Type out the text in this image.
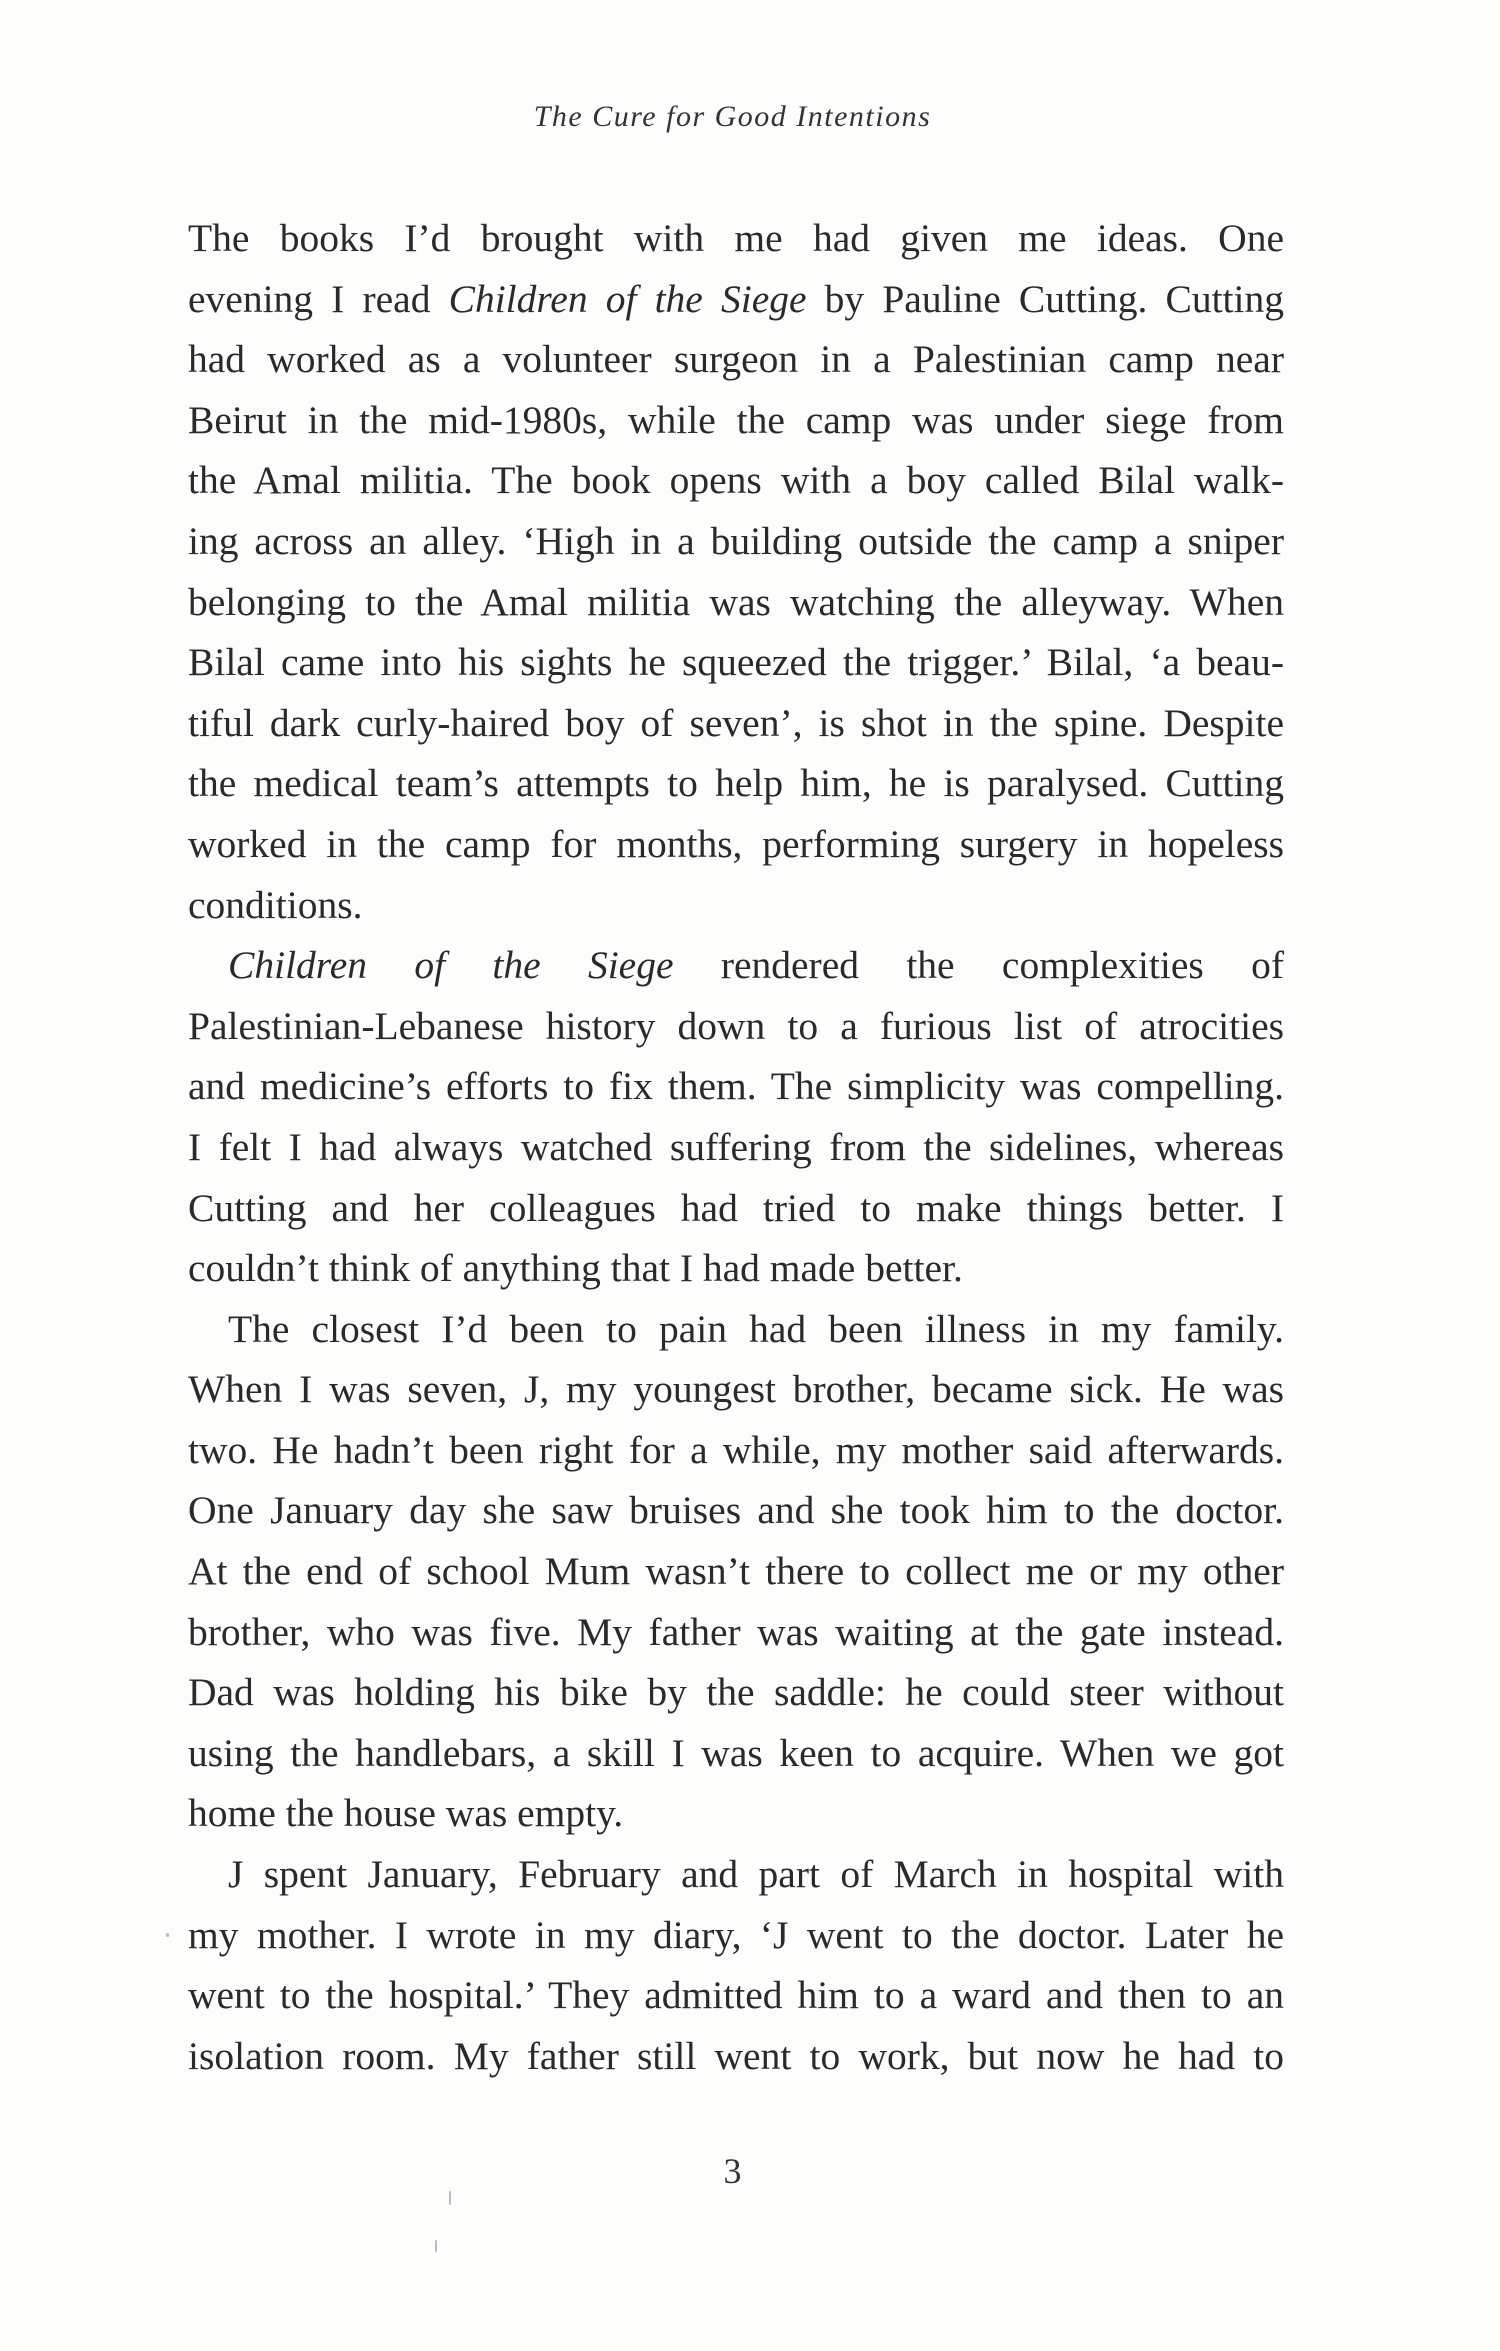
The Cure for Good Intentions
The books I’d brought with me had given me ideas. One
evening I read Children of the Siege by Pauline Cutting. Cutting
had worked as a volunteer surgeon in a Palestinian camp near
Beirut in the mid-1980s, while the camp was under siege from
the Amal militia. The book opens with a boy called Bilal walk-
ing across an alley. ‘High in a building outside the camp a sniper
belonging to the Amal militia was watching the alleyway. When
Bilal came into his sights he squeezed the trigger.’ Bilal, ‘a beau-
tiful dark curly-haired boy of seven’, is shot in the spine. Despite
the medical team’s attempts to help him, he is paralysed. Cutting
worked in the camp for months, performing surgery in hopeless
conditions.
Children of the Siege rendered the complexities of
Palestinian-Lebanese history down to a furious list of atrocities
and medicine’s efforts to fix them. The simplicity was compelling.
I felt I had always watched suffering from the sidelines, whereas
Cutting and her colleagues had tried to make things better. I
couldn’t think of anything that I had made better.
The closest I’d been to pain had been illness in my family.
When I was seven, J, my youngest brother, became sick. He was
two. He hadn’t been right for a while, my mother said afterwards.
One January day she saw bruises and she took him to the doctor.
At the end of school Mum wasn’t there to collect me or my other
brother, who was five. My father was waiting at the gate instead.
Dad was holding his bike by the saddle: he could steer without
using the handlebars, a skill I was keen to acquire. When we got
home the house was empty.
J spent January, February and part of March in hospital with
my mother. I wrote in my diary, ‘J went to the doctor. Later he
went to the hospital.’ They admitted him to a ward and then to an
isolation room. My father still went to work, but now he had to
3
